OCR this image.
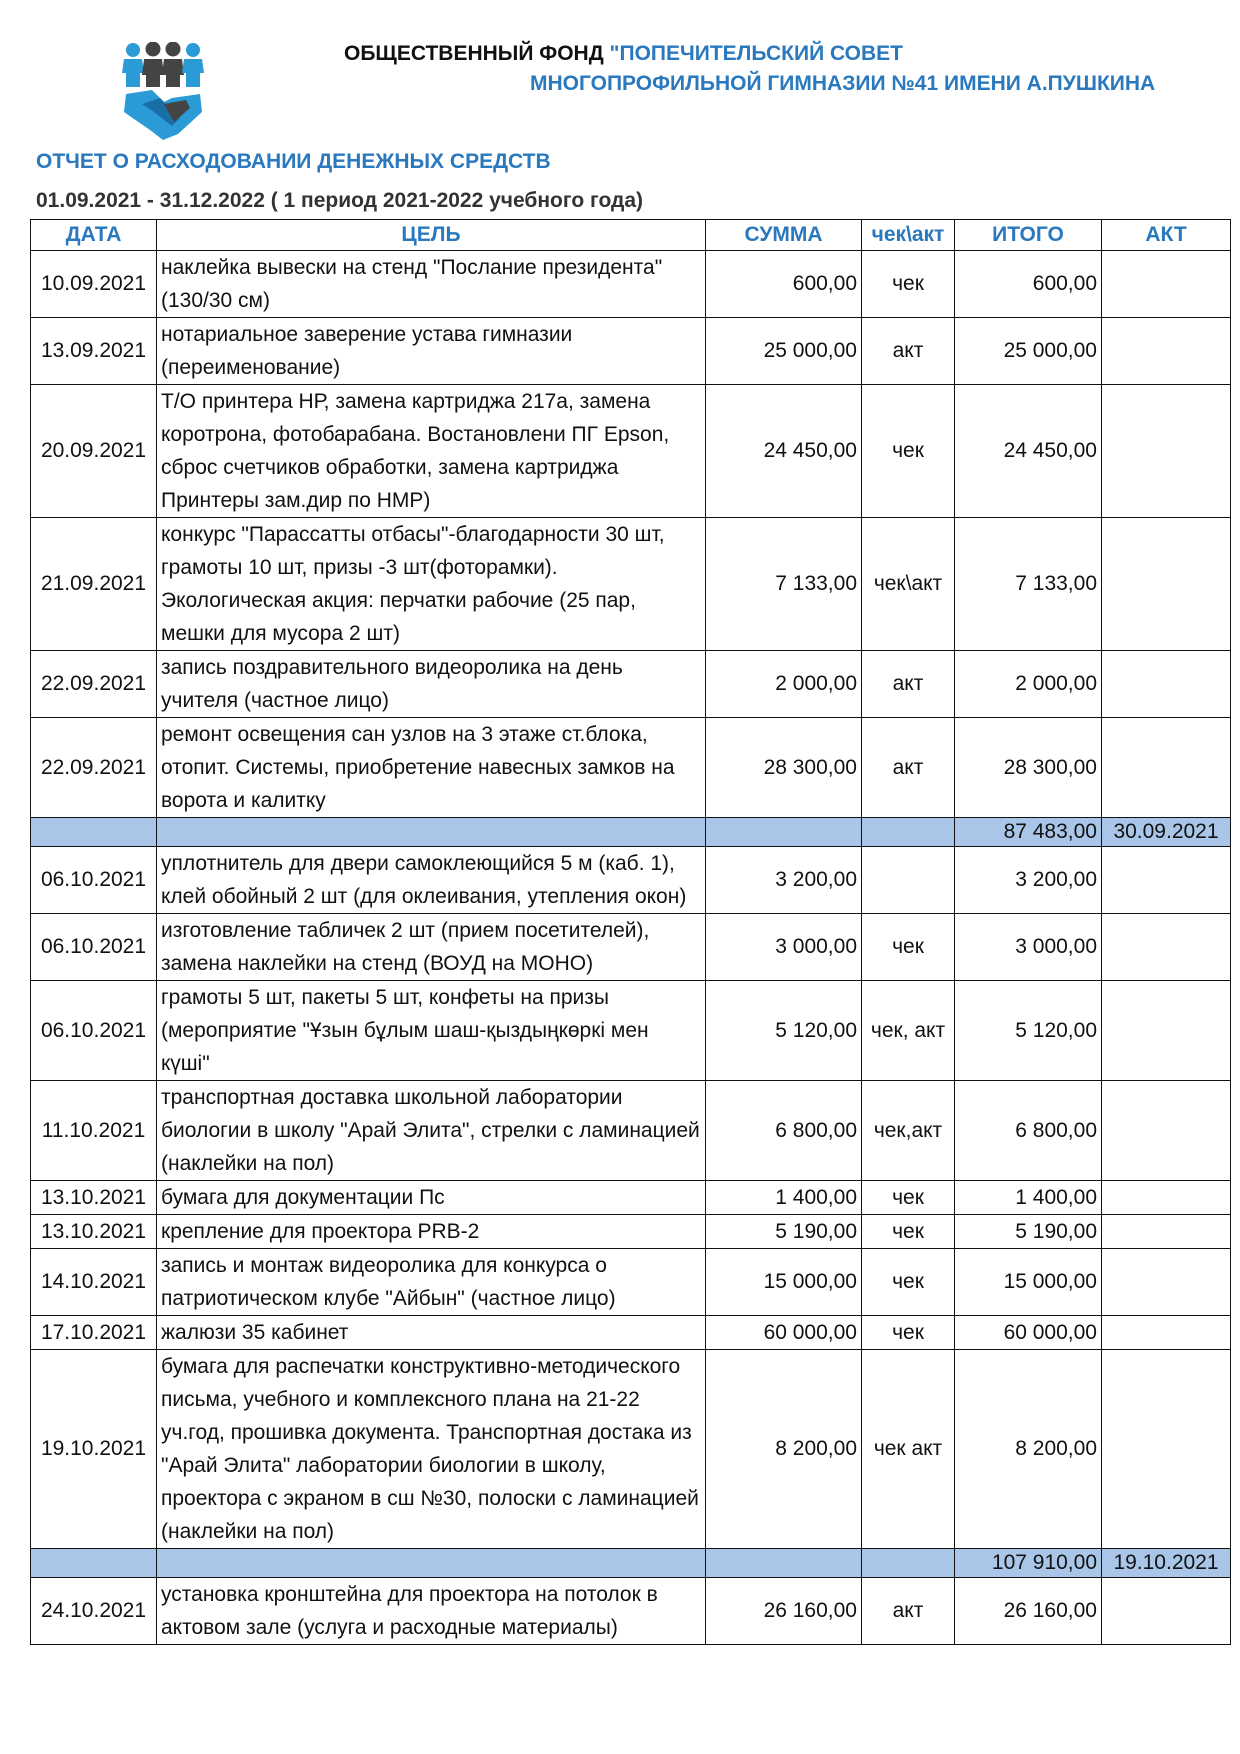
ОБЩЕСТВЕННЫЙ ФОНД "ПОПЕЧИТЕЛЬСКИЙ СОВЕТ
МНОГОПРОФИЛЬНОЙ ГИМНАЗИИ №41 ИМЕНИ А.ПУШКИНА
ОТЧЕТ О РАСХОДОВАНИИ ДЕНЕЖНЫХ СРЕДСТВ
01.09.2021 - 31.12.2022 ( 1 период 2021-2022 учебного года)
ДАТА	ЦЕЛЬ	СУММА	чек\акт	ИТОГО	АКТ
10.09.2021	наклейка вывески на стенд "Послание президента" (130/30 см)	600,00	чек	600,00	
13.09.2021	нотариальное заверение устава гимназии (переименование)	25 000,00	акт	25 000,00	
20.09.2021	Т/О принтера НР, замена картриджа 217а, замена коротрона, фотобарабана. Востановлени ПГ Epson, сброс счетчиков обработки, замена картриджа Принтеры зам.дир по НМР)	24 450,00	чек	24 450,00	
21.09.2021	конкурс "Парассатты отбасы"-благодарности 30 шт, грамоты 10 шт, призы -3 шт(фоторамки). Экологическая акция: перчатки рабочие (25 пар, мешки для мусора 2 шт)	7 133,00	чек\акт	7 133,00	
22.09.2021	запись поздравительного видеоролика на день учителя (частное лицо)	2 000,00	акт	2 000,00	
22.09.2021	ремонт освещения сан узлов на 3 этаже ст.блока, отопит. Системы, приобретение навесных замков на ворота и калитку	28 300,00	акт	28 300,00	
				87 483,00	30.09.2021
06.10.2021	уплотнитель для двери самоклеющийся 5 м (каб. 1), клей обойный 2 шт (для оклеивания, утепления окон)	3 200,00		3 200,00	
06.10.2021	изготовление табличек 2 шт (прием посетителей), замена наклейки на стенд (ВОУД на МОНО)	3 000,00	чек	3 000,00	
06.10.2021	грамоты 5 шт, пакеты 5 шт, конфеты на призы (мероприятие "Ұзын бұлым шаш-қыздыңкөркі мен күші"	5 120,00	чек, акт	5 120,00	
11.10.2021	транспортная доставка школьной лаборатории биологии в школу "Арай Элита", стрелки с ламинацией (наклейки на пол)	6 800,00	чек,акт	6 800,00	
13.10.2021	бумага для документации Пс	1 400,00	чек	1 400,00	
13.10.2021	крепление для проектора PRB-2	5 190,00	чек	5 190,00	
14.10.2021	запись и монтаж видеоролика для конкурса о патриотическом клубе "Айбын" (частное лицо)	15 000,00	чек	15 000,00	
17.10.2021	жалюзи 35 кабинет	60 000,00	чек	60 000,00	
19.10.2021	бумага для распечатки конструктивно-методического письма, учебного и комплексного плана на 21-22 уч.год, прошивка документа. Транспортная достака из "Арай Элита" лаборатории биологии в школу, проектора с экраном в сш №30, полоски с ламинацией (наклейки на пол)	8 200,00	чек акт	8 200,00	
				107 910,00	19.10.2021
24.10.2021	установка кронштейна для проектора на потолок в актовом зале (услуга и расходные материалы)	26 160,00	акт	26 160,00	
